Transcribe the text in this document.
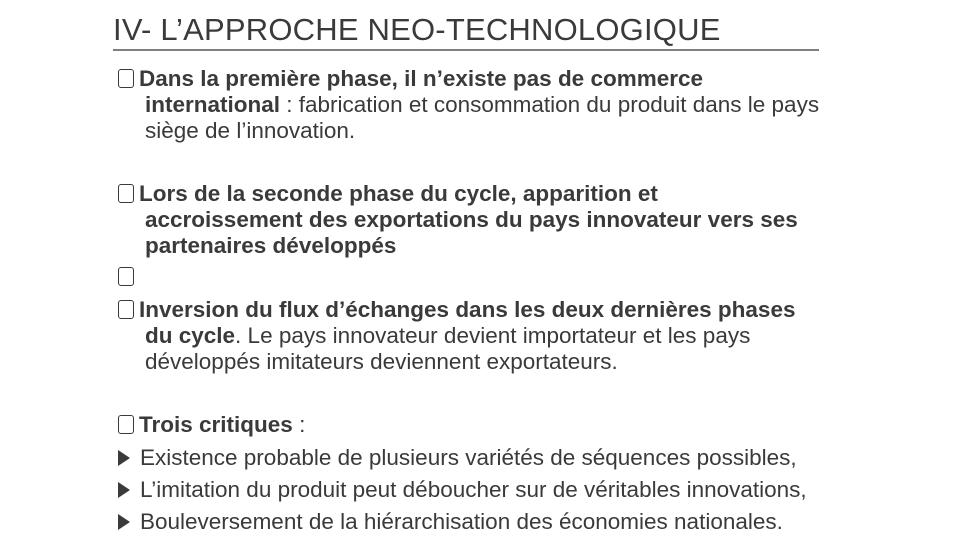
IV- L’APPROCHE NEO-TECHNOLOGIQUE
Dans la première phase, il n’existe pas de commerce
international : fabrication et consommation du produit dans le pays
siège de l’innovation.
Lors de la seconde phase du cycle, apparition et
accroissement des exportations du pays innovateur vers ses
partenaires développés
Inversion du flux d’échanges dans les deux dernières phases
du cycle. Le pays innovateur devient importateur et les pays
développés imitateurs deviennent exportateurs.
Trois critiques :
Existence probable de plusieurs variétés de séquences possibles,
L’imitation du produit peut déboucher sur de véritables innovations,
Bouleversement de la hiérarchisation des économies nationales.
